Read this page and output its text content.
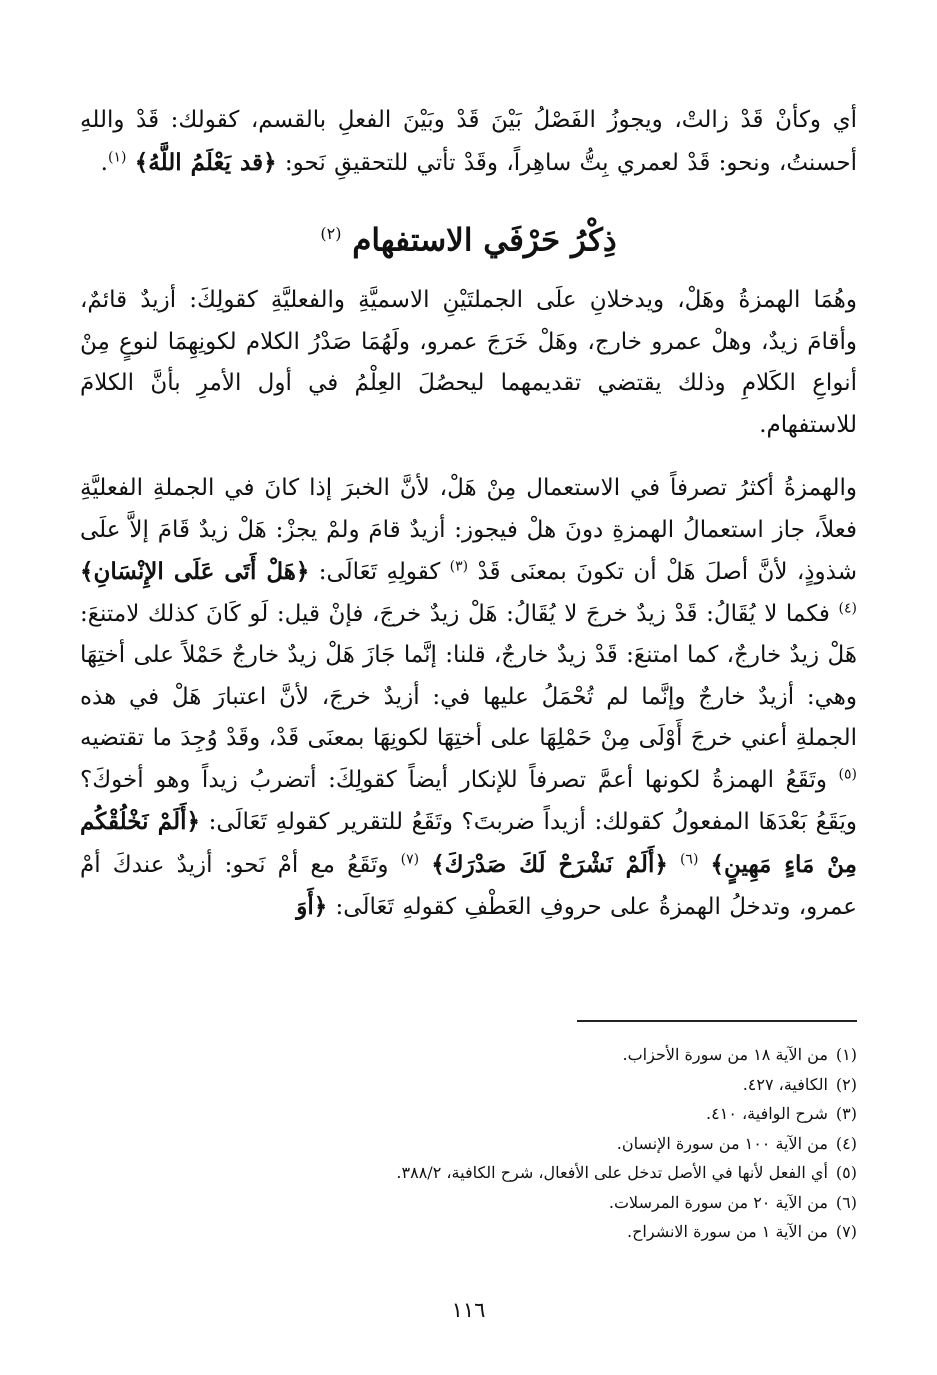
أي وكأنْ قَدْ زالتْ، ويجوزُ الفَصْلُ بَيْنَ قَدْ وبَيْنَ الفعلِ بالقسم، كقولك: قَدْ واللهِ أحسنتُ، ونحو: قَدْ لعمري بِتُّ ساهِراً، وقَدْ تأتي للتحقيقِ نَحو: ﴿قد يَعْلَمُ اللَّهُ﴾ $^{(١)}$.

ذِكْرُ حَرْفَي الاستفهام $^{(٢)}$

وهُمَا الهمزةُ وهَلْ، ويدخلانِ علَى الجملتَيْنِ الاسميَّةِ والفعليَّةِ كقولِكَ: أزيدٌ قائمٌ، وأقامَ زيدٌ، وهلْ عمرو خارج، وهَلْ خَرَجَ عمرو، ولَهُمَا صَدْرُ الكلام لكونِهِمَا لنوعٍ مِنْ أنواعِ الكَلامِ وذلك يقتضي تقديمهما ليحصُلَ العِلْمُ في أول الأمرِ بأنَّ الكلامَ للاستفهام.

والهمزةُ أكثرُ تصرفاً في الاستعمال مِنْ هَلْ، لأنَّ الخبرَ إذا كانَ في الجملةِ الفعليَّةِ فعلاً، جاز استعمالُ الهمزةِ دونَ هلْ فيجوز: أزيدٌ قامَ ولمْ يجزْ: هَلْ زيدٌ قَامَ إلاَّ علَى شذوذٍ، لأنَّ أصلَ هَلْ أن تكونَ بمعنَى قَدْ $^{(٣)}$ كقولِهِ تَعَالَى: ﴿هَلْ أَتَى عَلَى الإِنْسَانِ﴾ $^{(٤)}$ فكما لا يُقَالُ: قَدْ زيدٌ خرجَ لا يُقَالُ: هَلْ زيدٌ خرجَ، فإنْ قيل: لَو كَانَ كذلك لامتنعَ: هَلْ زيدٌ خارجٌ، كما امتنعَ: قَدْ زيدٌ خارجٌ، قلنا: إنَّما جَازَ هَلْ زيدٌ خارجٌ حَمْلاً على أختِهَا وهي: أزيدٌ خارجٌ وإنَّما لم تُحْمَلُ عليها في: أزيدٌ خرجَ، لأنَّ اعتبارَ هَلْ في هذه الجملةِ أعني خرجَ أَوْلَى مِنْ حَمْلِهَا على أختِهَا لكونِهَا بمعنَى قَدْ، وقَدْ وُجِدَ ما تقتضيه $^{(٥)}$ وتَقَعُ الهمزةُ لكونها أعمَّ تصرفاً للإنكار أيضاً كقولِكَ: أتضربُ زيداً وهو أخوكَ؟ ويَقَعُ بَعْدَهَا المفعولُ كقولك: أزيداً ضربتَ؟ وتَقَعُ للتقرير كقولهِ تَعَالَى: ﴿أَلَمْ نَخْلُقْكُم مِنْ مَاءٍ مَهِينٍ﴾ $^{(٦)}$ ﴿أَلَمْ نَشْرَحْ لَكَ صَدْرَكَ﴾ $^{(٧)}$ وتَقَعُ مع أمْ نَحو: أزيدٌ عندكَ أمْ عمرو، وتدخلُ الهمزةُ على حروفِ العَطْفِ كقولهِ تَعَالَى: ﴿أَوَ

(١)من الآية ١٨ من سورة الأحزاب.
(٢)الكافية، ٤٢٧.
(٣)شرح الوافية، ٤١٠.
(٤)من الآية ١٠٠ من سورة الإنسان.
(٥)أي الفعل لأنها في الأصل تدخل على الأفعال، شرح الكافية، ٣٨٨/٢.
(٦)من الآية ٢٠ من سورة المرسلات.
(٧)من الآية ١ من سورة الانشراح.
١١٦
